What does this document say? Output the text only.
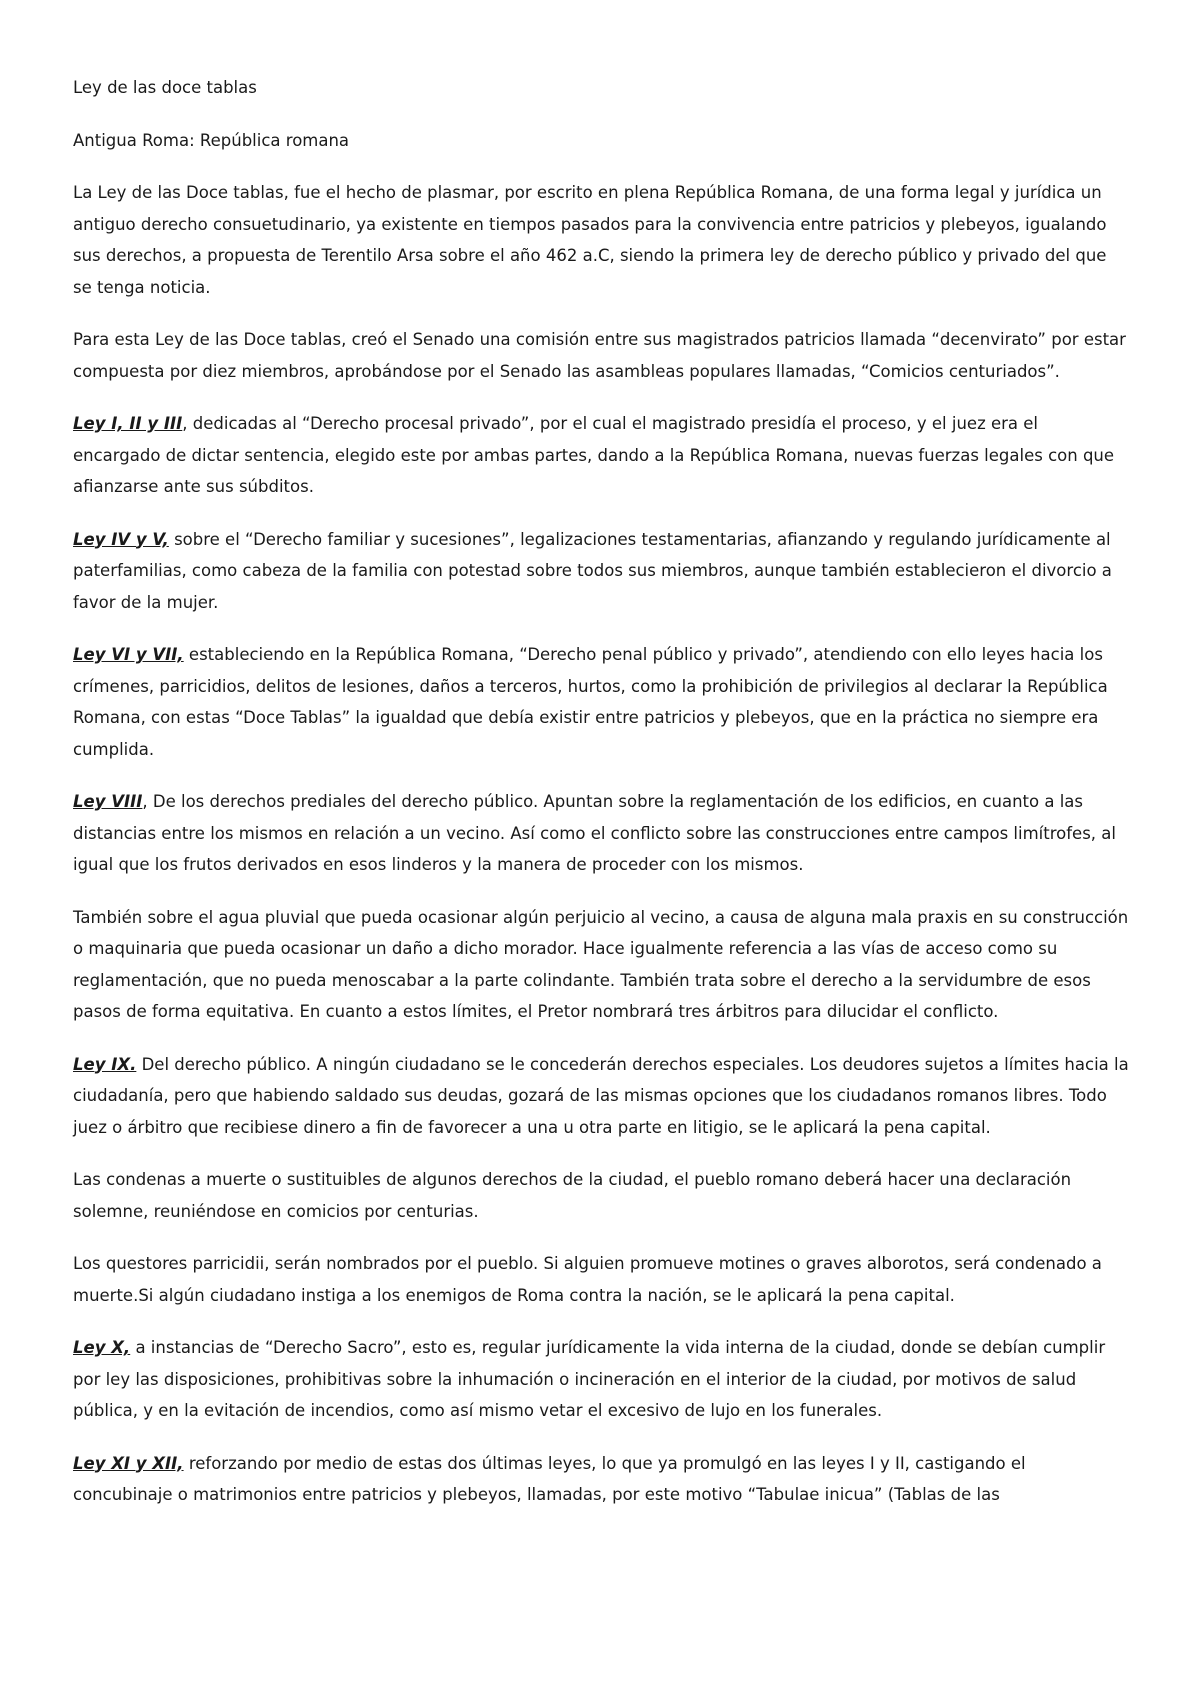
Ley de las doce tablas
Antigua Roma: República romana

La Ley de las Doce tablas, fue el hecho de plasmar, por escrito en plena República Romana, de una forma legal y jurídica un antiguo derecho consuetudinario, ya existente en tiempos pasados para la convivencia entre patricios y plebeyos, igualando sus derechos, a propuesta de Terentilo Arsa sobre el año 462 a.C, siendo la primera ley de derecho público y privado del que se tenga noticia.

Para esta Ley de las Doce tablas, creó el Senado una comisión entre sus magistrados patricios llamada “decenvirato” por estar compuesta por diez miembros, aprobándose por el Senado las asambleas populares llamadas, “Comicios centuriados”.

Ley I, II y III, dedicadas al “Derecho procesal privado”, por el cual el magistrado presidía el proceso, y el juez era el encargado de dictar sentencia, elegido este por ambas partes, dando a la República Romana, nuevas fuerzas legales con que afianzarse ante sus súbditos.

Ley IV y V, sobre el “Derecho familiar y sucesiones”, legalizaciones testamentarias, afianzando y regulando jurídicamente al paterfamilias, como cabeza de la familia con potestad sobre todos sus miembros, aunque también establecieron el divorcio a favor de la mujer.

Ley VI y VII, estableciendo en la República Romana, “Derecho penal público y privado”, atendiendo con ello leyes hacia los crímenes, parricidios, delitos de lesiones, daños a terceros, hurtos, como la prohibición de privilegios al declarar la República Romana, con estas “Doce Tablas” la igualdad que debía existir entre patricios y plebeyos, que en la práctica no siempre era cumplida.

Ley VIII, De los derechos prediales del derecho público. Apuntan sobre la reglamentación de los edificios, en cuanto a las distancias entre los mismos en relación a un vecino. Así como el conflicto sobre las construcciones entre campos limítrofes, al igual que los frutos derivados en esos linderos y la manera de proceder con los mismos.

También sobre el agua pluvial que pueda ocasionar algún perjuicio al vecino, a causa de alguna mala praxis en su construcción o maquinaria que pueda ocasionar un daño a dicho morador. Hace igualmente referencia a las vías de acceso como su reglamentación, que no pueda menoscabar a la parte colindante. También trata sobre el derecho a la servidumbre de esos pasos de forma equitativa. En cuanto a estos límites, el Pretor nombrará tres árbitros para dilucidar el conflicto.

Ley IX. Del derecho público. A ningún ciudadano se le concederán derechos especiales. Los deudores sujetos a límites hacia la ciudadanía, pero que habiendo saldado sus deudas, gozará de las mismas opciones que los ciudadanos romanos libres. Todo juez o árbitro que recibiese dinero a fin de favorecer a una u otra parte en litigio, se le aplicará la pena capital.

Las condenas a muerte o sustituibles de algunos derechos de la ciudad, el pueblo romano deberá hacer una declaración solemne, reuniéndose en comicios por centurias.

Los questores parricidii, serán nombrados por el pueblo. Si alguien promueve motines o graves alborotos, será condenado a muerte.Si algún ciudadano instiga a los enemigos de Roma contra la nación, se le aplicará la pena capital.

Ley X, a instancias de “Derecho Sacro”, esto es, regular jurídicamente la vida interna de la ciudad, donde se debían cumplir por ley las disposiciones, prohibitivas sobre la inhumación o incineración en el interior de la ciudad, por motivos de salud pública, y en la evitación de incendios, como así mismo vetar el excesivo de lujo en los funerales.

Ley XI y XII, reforzando por medio de estas dos últimas leyes, lo que ya promulgó en las leyes I y II, castigando el concubinaje o matrimonios entre patricios y plebeyos, llamadas, por este motivo “Tabulae inicua” (Tablas de las
